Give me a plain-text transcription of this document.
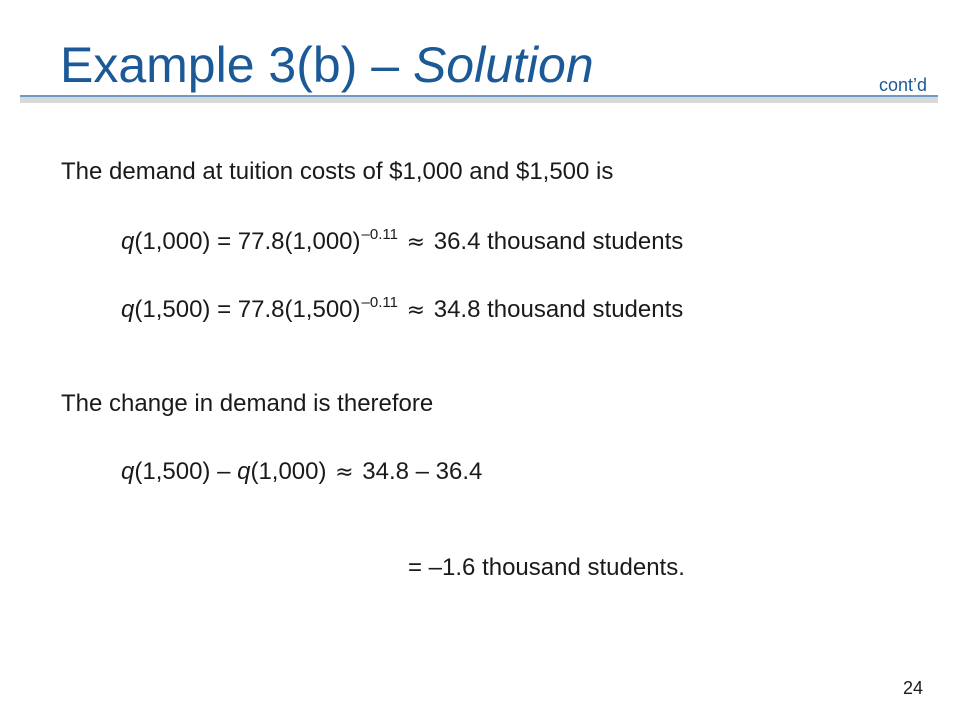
Example 3(b) – Solution	cont’d
The demand at tuition costs of $1,000 and $1,500 is
$q(1,000) = 77.8(1,000)^{-0.11} \approx 36.4$ thousand students
$q(1,500) = 77.8(1,500)^{-0.11} \approx 34.8$ thousand students
The change in demand is therefore
q(1,500) – q(1,000) ≈ 34.8 – 36.4
= –1.6 thousand students.
24
